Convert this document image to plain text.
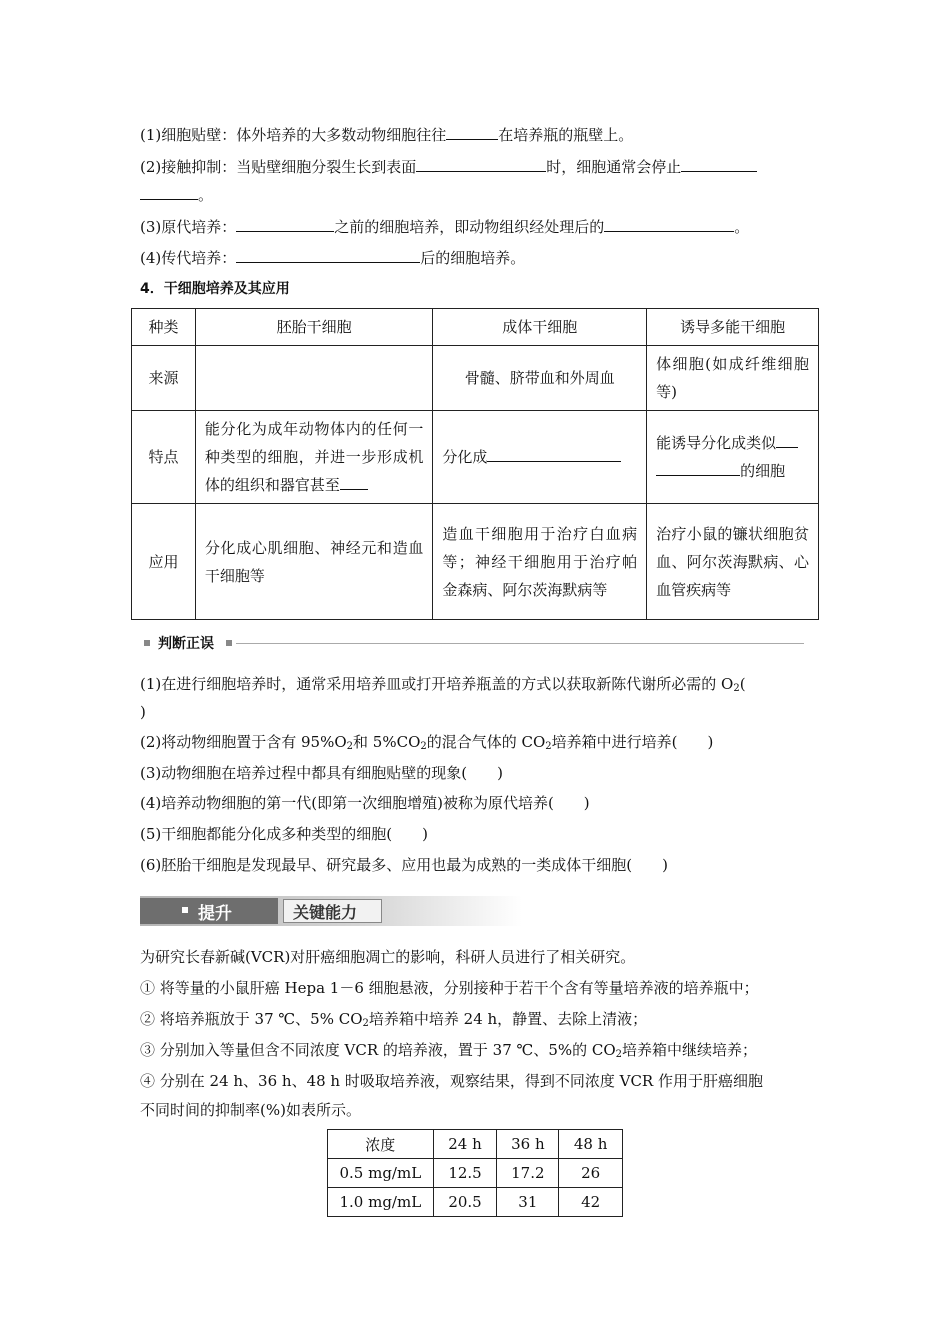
(1)细胞贴壁：体外培养的大多数动物细胞往往	在培养瓶的瓶壁上。
(2)接触抑制：当贴壁细胞分裂生长到表面	时，细胞通常会停止
。
(3)原代培养：	之前的细胞培养，即动物组织经处理后的	。
(4)传代培养：	后的细胞培养。
4．干细胞培养及其应用
种类	胚胎干细胞	成体干细胞	诱导多能干细胞
来源		骨髓、脐带血和外周血	体细胞(如成纤维细胞等)
特点	能分化为成年动物体内的任何一种类型的细胞，并进一步形成机体的组织和器官甚至	分化成	能诱导分化成类似
的细胞
应用	分化成心肌细胞、神经元和造血干细胞等	造血干细胞用于治疗白血病等；神经干细胞用于治疗帕金森病、阿尔茨海默病等	治疗小鼠的镰状细胞贫血、阿尔茨海默病、心血管疾病等
判断正误
(1)在进行细胞培养时，通常采用培养皿或打开培养瓶盖的方式以获取新陈代谢所必需的 $O_2$(
)
(2)将动物细胞置于含有 $95\%O_2$和 $5\%CO_2$的混合气体的 $CO_2$培养箱中进行培养(　　)
(3)动物细胞在培养过程中都具有细胞贴壁的现象(　　)
(4)培养动物细胞的第一代(即第一次细胞增殖)被称为原代培养(　　)
(5)干细胞都能分化成多种类型的细胞(　　)
(6)胚胎干细胞是发现最早、研究最多、应用也最为成熟的一类成体干细胞(　　)
提升	关键能力
为研究长春新碱(VCR)对肝癌细胞凋亡的影响，科研人员进行了相关研究。
① 将等量的小鼠肝癌 Hepa 1－6 细胞悬液，分别接种于若干个含有等量培养液的培养瓶中；
② 将培养瓶放于 37 ℃、5% $CO_2$培养箱中培养 24 h，静置、去除上清液；
③ 分别加入等量但含不同浓度 VCR 的培养液，置于 37 ℃、5%的 $CO_2$培养箱中继续培养；
④ 分别在 24 h、36 h、48 h 时吸取培养液，观察结果，得到不同浓度 VCR 作用于肝癌细胞
不同时间的抑制率(%)如表所示。
浓度	24 h	36 h	48 h
0.5 mg/mL	12.5	17.2	26
1.0 mg/mL	20.5	31	42
